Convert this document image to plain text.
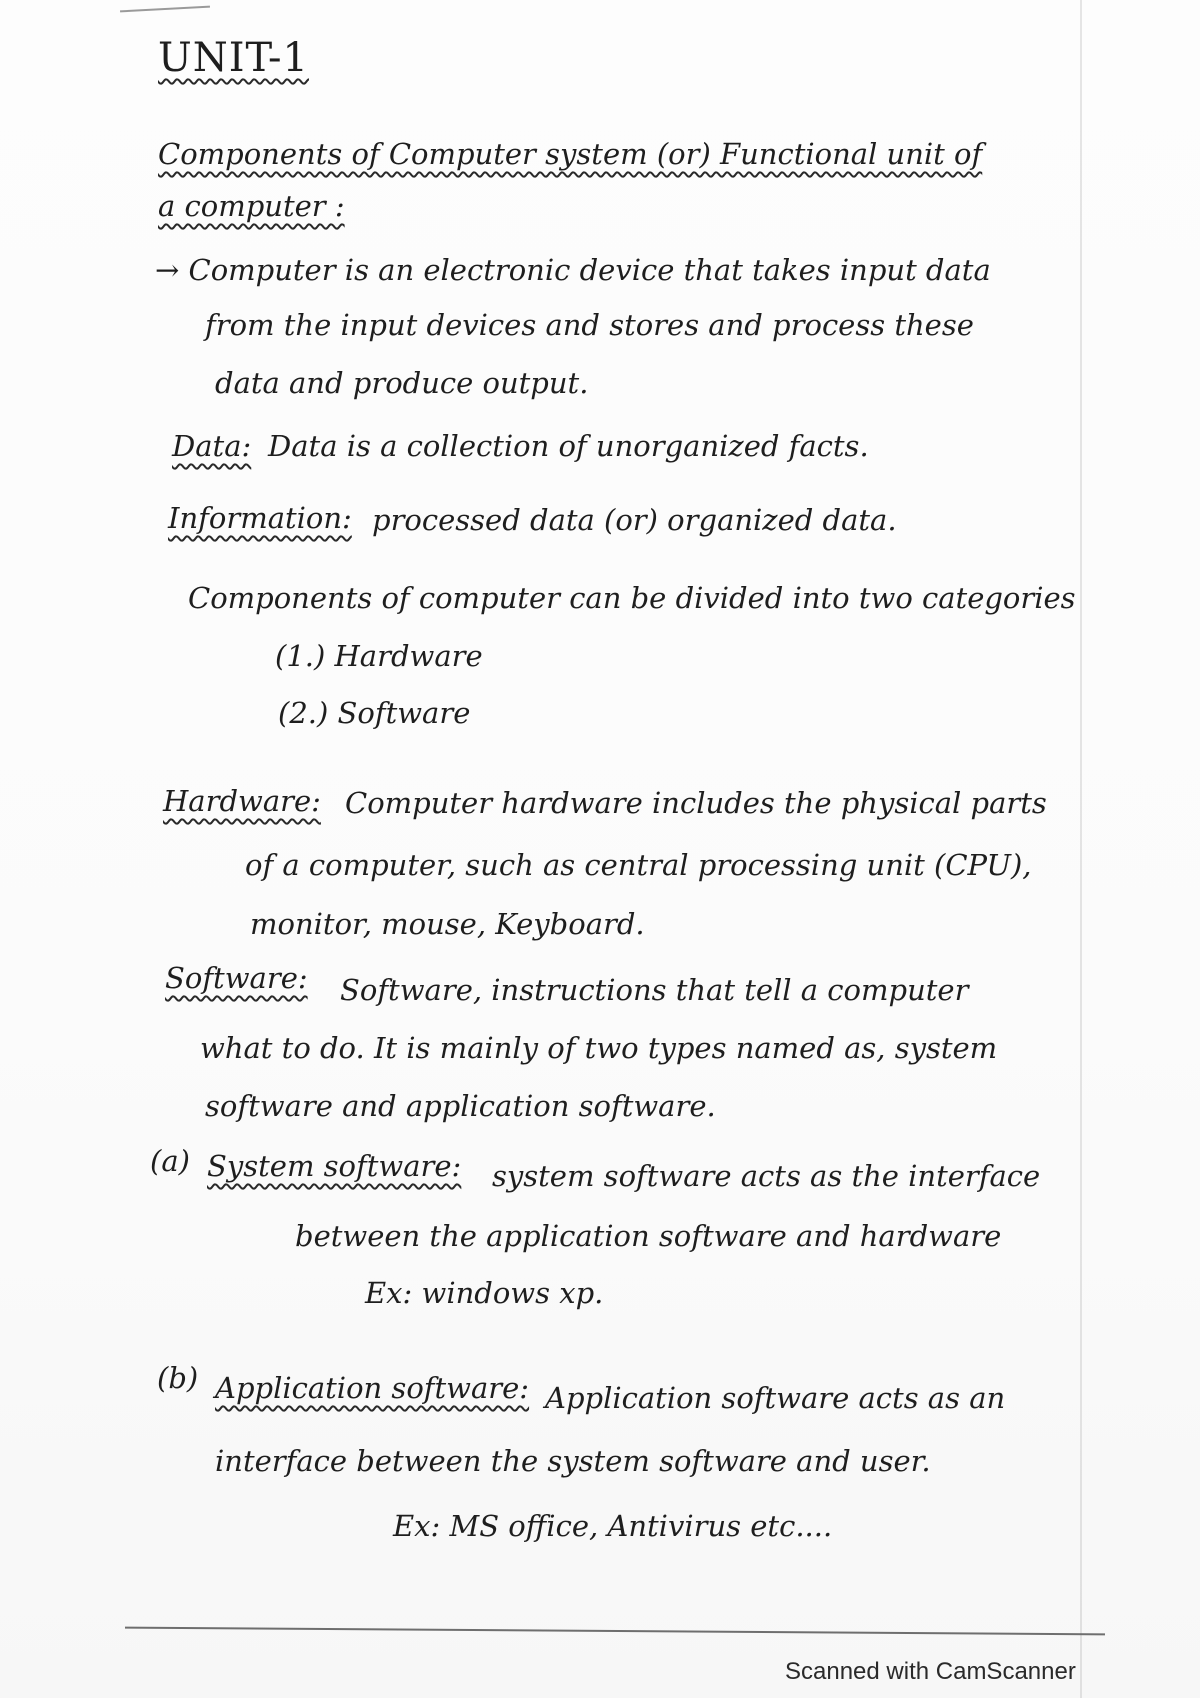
UNIT-1
Components of Computer system (or) Functional unit of a computer :
→ Computer is an electronic device that takes input data
from the input devices and stores and process these
data and produce output.
Data: Data is a collection of unorganized facts.
Information: processed data (or) organized data.
Components of computer can be divided into two categories
(1.) Hardware
(2.) Software
Hardware: Computer hardware includes the physical parts
of a computer, such as central processing unit (CPU),
monitor, mouse, Keyboard.
Software: Software, instructions that tell a computer
what to do. It is mainly of two types named as, system
software and application software.
(a) System software: system software acts as the interface
between the application software and hardware
Ex: windows xp.
(b) Application software: Application software acts as an
interface between the system software and user.
Ex: MS office, Antivirus etc....
Scanned with CamScanner
